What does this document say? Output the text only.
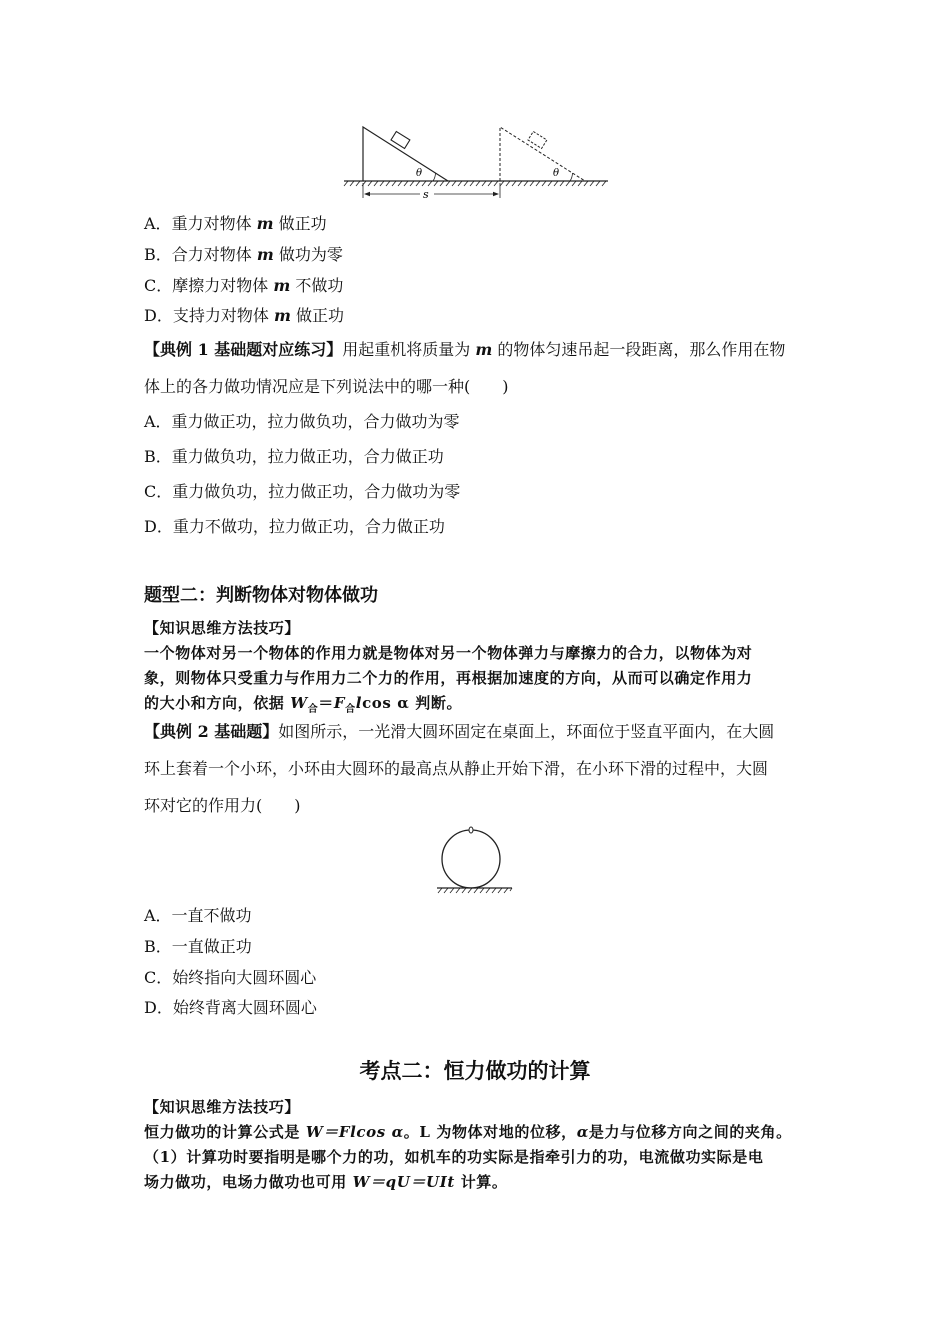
θ	θ
s
A．重力对物体 m 做正功
B．合力对物体 m 做功为零
C．摩擦力对物体 m 不做功
D．支持力对物体 m 做正功
【典例 1 基础题对应练习】用起重机将质量为 m 的物体匀速吊起一段距离，那么作用在物
体上的各力做功情况应是下列说法中的哪一种(　　)
A．重力做正功，拉力做负功，合力做功为零
B．重力做负功，拉力做正功，合力做正功
C．重力做负功，拉力做正功，合力做功为零
D．重力不做功，拉力做正功，合力做正功
题型二：判断物体对物体做功
【知识思维方法技巧】
一个物体对另一个物体的作用力就是物体对另一个物体弹力与摩擦力的合力，以物体为对
象，则物体只受重力与作用力二个力的作用，再根据加速度的方向，从而可以确定作用力
的大小和方向，依据 $W_合=F_合lcos$ α 判断。
【典例 2 基础题】如图所示，一光滑大圆环固定在桌面上，环面位于竖直平面内，在大圆
环上套着一个小环，小环由大圆环的最高点从静止开始下滑，在小环下滑的过程中，大圆
环对它的作用力(　　)
A．一直不做功
B．一直做正功
C．始终指向大圆环圆心
D．始终背离大圆环圆心
考点二：恒力做功的计算
【知识思维方法技巧】
恒力做功的计算公式是 W＝Flcos α。L 为物体对地的位移，α是力与位移方向之间的夹角。
（1）计算功时要指明是哪个力的功，如机车的功实际是指牵引力的功，电流做功实际是电
场力做功，电场力做功也可用 W＝qU＝UIt 计算。
